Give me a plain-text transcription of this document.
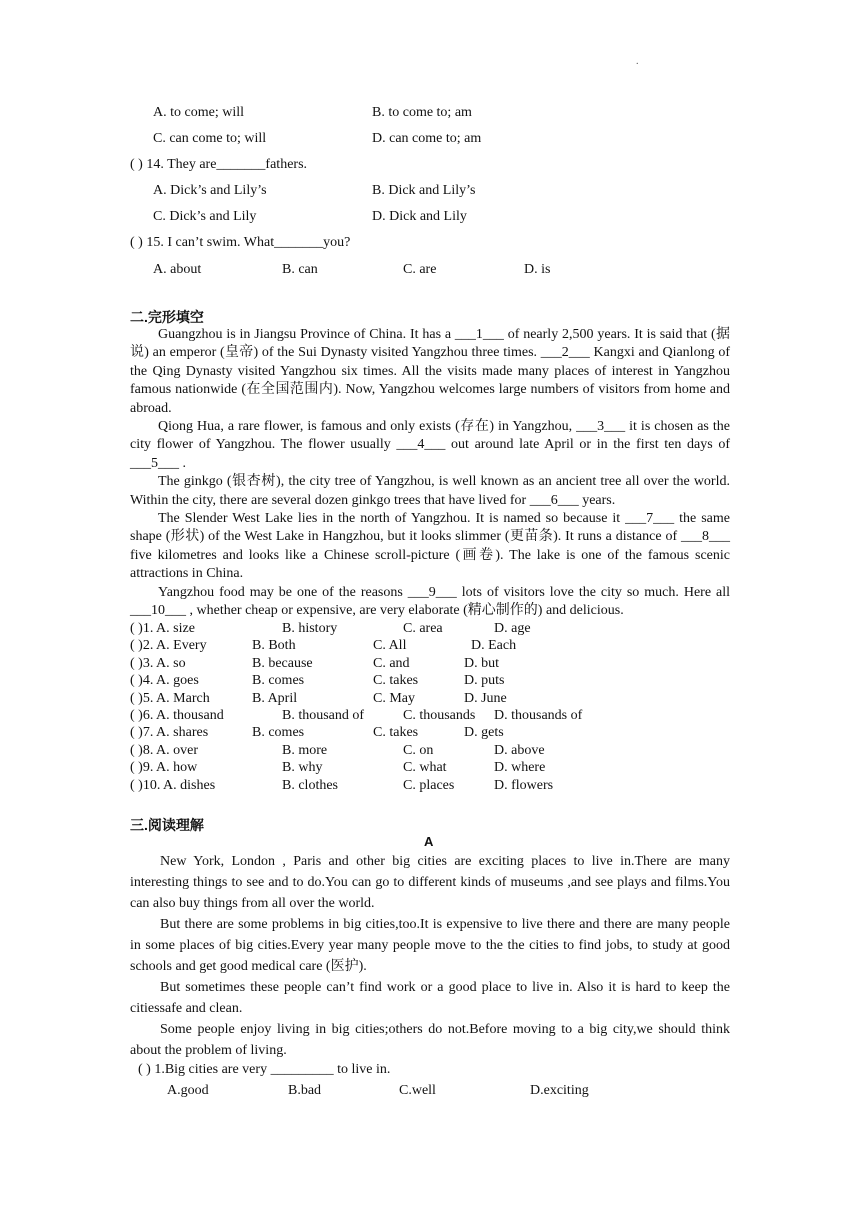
.
A. to come; will	B. to come to; am
C. can come to; will	D. can come to; am
( ) 14. They are_______fathers.
A. Dick’s and Lily’s	B. Dick and Lily’s
C. Dick’s and Lily	D. Dick and Lily
( ) 15. I can’t swim. What_______you?
A. about	B. can	C. are	D. is
二.完形填空

Guangzhou is in Jiangsu Province of China. It has a ___1___ of nearly 2,500 years. It is said that (据说) an emperor (皇帝) of the Sui Dynasty visited Yangzhou three times. ___2___ Kangxi and Qianlong of the Qing Dynasty visited Yangzhou six times. All the visits made many places of interest in Yangzhou famous nationwide (在全国范围内). Now, Yangzhou welcomes large numbers of visitors from home and abroad.

Qiong Hua, a rare flower, is famous and only exists (存在) in Yangzhou, ___3___ it is chosen as the city flower of Yangzhou. The flower usually ___4___ out around late April or in the first ten days of ___5___ .

The ginkgo (银杏树), the city tree of Yangzhou, is well known as an ancient tree all over the world. Within the city, there are several dozen ginkgo trees that have lived for ___6___ years.

The Slender West Lake lies in the north of Yangzhou. It is named so because it ___7___ the same shape (形状) of the West Lake in Hangzhou, but it looks slimmer (更苗条). It runs a distance of ___8___ five kilometres and looks like a Chinese scroll-picture (画卷). The lake is one of the famous scenic attractions in China.

Yangzhou food may be one of the reasons ___9___ lots of visitors love the city so much. Here all ___10___ , whether cheap or expensive, are very elaborate (精心制作的) and delicious.

( )1. A. size	B. history	C. area	D. age
( )2. A. Every	B. Both	C. All	D. Each
( )3. A. so	B. because	C. and	D. but
( )4. A. goes	B. comes	C. takes	D. puts
( )5. A. March	B. April	C. May	D. June
( )6. A. thousand	B. thousand of	C. thousands D. thousands of
( )7. A. shares	B. comes	C. takes	D. gets
( )8. A. over	B. more	C. on	D. above
( )9. A. how	B. why	C. what	D. where
( )10. A. dishes	B. clothes	C. places	D. flowers
三.阅读理解
A

New York, London , Paris and other big cities are exciting places to live in.There are many interesting things to see and to do.You can go to different kinds of museums ,and see plays and films.You can also buy things from all over the world.

But there are some problems in big cities,too.It is expensive to live there and there are many people in some places of big cities.Every year many people move to the the cities to find jobs, to study at good schools and get good medical care (医护).

But sometimes these people can’t find work or a good place to live in. Also it is hard to keep the citiessafe and clean.

Some people enjoy living in big cities;others do not.Before moving to a big city,we should think about the problem of living.

( ) 1.Big cities are very _________ to live in.
A.good	B.bad	C.well	D.exciting
